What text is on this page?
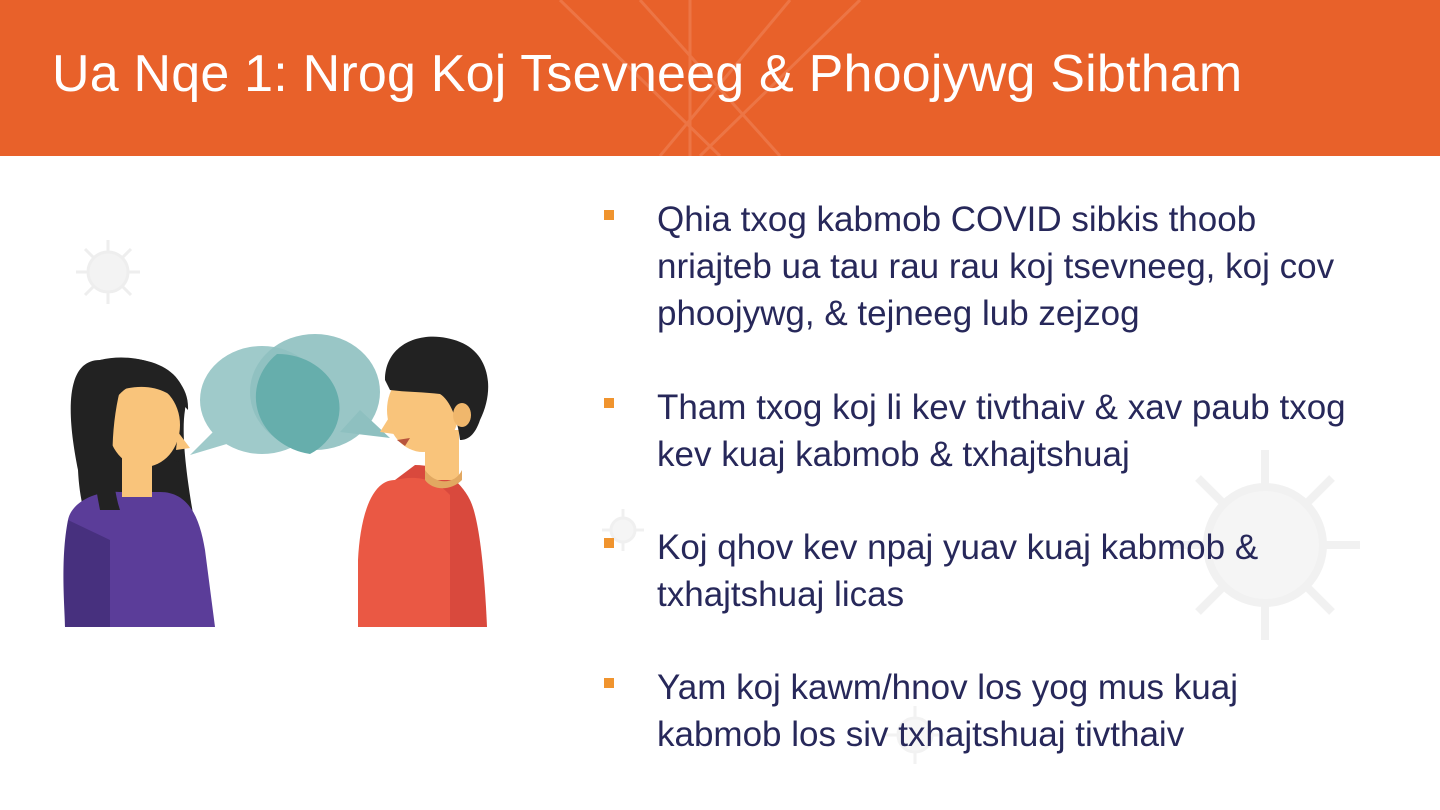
Ua Nqe 1: Nrog Koj Tsevneeg & Phoojywg Sibtham
Qhia txog kabmob COVID sibkis thoob nriajteb ua tau rau rau koj tsevneeg, koj cov phoojywg, & tejneeg lub zejzog
Tham txog koj li kev tivthaiv & xav paub txog kev kuaj kabmob & txhajtshuaj
Koj qhov kev npaj yuav kuaj kabmob & txhajtshuaj licas
Yam koj kawm/hnov los yog mus kuaj kabmob los siv txhajtshuaj tivthaiv
